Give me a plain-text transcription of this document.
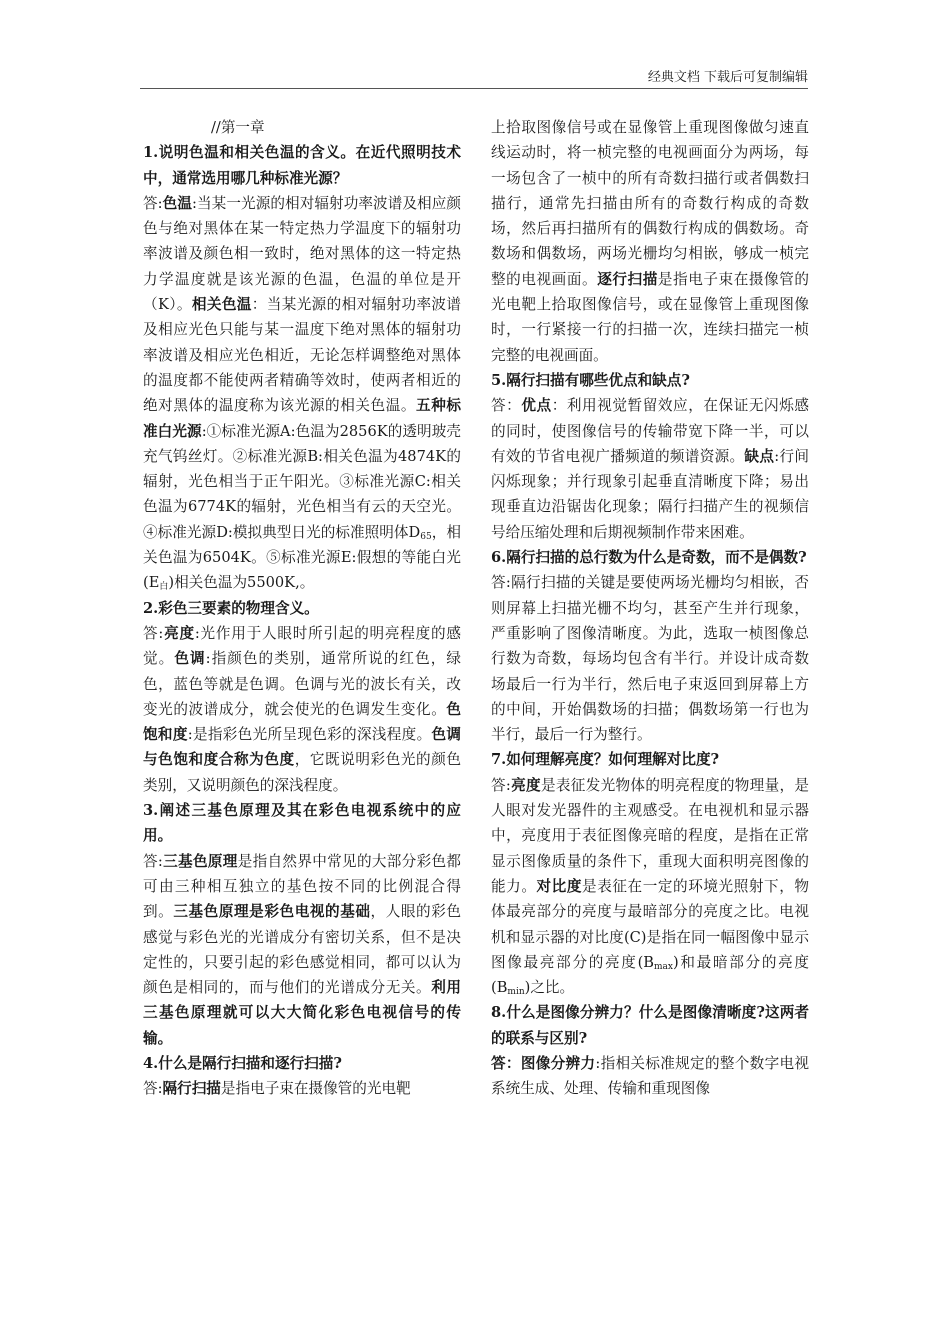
经典文档 下载后可复制编辑

//第一章

1.说明色温和相关色温的含义。在近代照明技术中，通常选用哪几种标准光源？

答:色温:当某一光源的相对辐射功率波谱及相应颜色与绝对黑体在某一特定热力学温度下的辐射功率波谱及颜色相一致时，绝对黑体的这一特定热力学温度就是该光源的色温，色温的单位是开（K）。相关色温：当某光源的相对辐射功率波谱及相应光色只能与某一温度下绝对黑体的辐射功率波谱及相应光色相近，无论怎样调整绝对黑体的温度都不能使两者精确等效时，使两者相近的绝对黑体的温度称为该光源的相关色温。五种标准白光源:①标准光源A:色温为2856K的透明玻壳充气钨丝灯。②标准光源B:相关色温为4874K的辐射，光色相当于正午阳光。③标准光源C:相关色温为6774K的辐射，光色相当有云的天空光。④标准光源D:模拟典型日光的标准照明体$D_{65}$，相关色温为6504K。⑤标准光源E:假想的等能白光$(E_白)$相关色温为5500K,。

2.彩色三要素的物理含义。

答:亮度:光作用于人眼时所引起的明亮程度的感觉。色调:指颜色的类别，通常所说的红色，绿色，蓝色等就是色调。色调与光的波长有关，改变光的波谱成分，就会使光的色调发生变化。色饱和度:是指彩色光所呈现色彩的深浅程度。色调与色饱和度合称为色度，它既说明彩色光的颜色类别，又说明颜色的深浅程度。

3.阐述三基色原理及其在彩色电视系统中的应用。

答:三基色原理是指自然界中常见的大部分彩色都可由三种相互独立的基色按不同的比例混合得到。三基色原理是彩色电视的基础，人眼的彩色感觉与彩色光的光谱成分有密切关系，但不是决定性的，只要引起的彩色感觉相同，都可以认为颜色是相同的，而与他们的光谱成分无关。利用三基色原理就可以大大简化彩色电视信号的传输。

4.什么是隔行扫描和逐行扫描?

答:隔行扫描是指电子束在摄像管的光电靶

上拾取图像信号或在显像管上重现图像做匀速直线运动时，将一桢完整的电视画面分为两场，每一场包含了一桢中的所有奇数扫描行或者偶数扫描行，通常先扫描由所有的奇数行构成的奇数场，然后再扫描所有的偶数行构成的偶数场。奇数场和偶数场，两场光栅均匀相嵌，够成一桢完整的电视画面。逐行扫描是指电子束在摄像管的光电靶上拾取图像信号，或在显像管上重现图像时，一行紧接一行的扫描一次，连续扫描完一桢完整的电视画面。

5.隔行扫描有哪些优点和缺点?

答：优点：利用视觉暂留效应，在保证无闪烁感的同时，使图像信号的传输带宽下降一半，可以有效的节省电视广播频道的频谱资源。缺点:行间闪烁现象；并行现象引起垂直清晰度下降；易出现垂直边沿锯齿化现象；隔行扫描产生的视频信号给压缩处理和后期视频制作带来困难。

6.隔行扫描的总行数为什么是奇数，而不是偶数?

答:隔行扫描的关键是要使两场光栅均匀相嵌，否则屏幕上扫描光栅不均匀，甚至产生并行现象，严重影响了图像清晰度。为此，选取一桢图像总行数为奇数，每场均包含有半行。并设计成奇数场最后一行为半行，然后电子束返回到屏幕上方的中间，开始偶数场的扫描；偶数场第一行也为半行，最后一行为整行。

7.如何理解亮度？如何理解对比度?

答:亮度是表征发光物体的明亮程度的物理量，是人眼对发光器件的主观感受。在电视机和显示器中，亮度用于表征图像亮暗的程度，是指在正常显示图像质量的条件下，重现大面积明亮图像的能力。对比度是表征在一定的环境光照射下，物体最亮部分的亮度与最暗部分的亮度之比。电视机和显示器的对比度(C)是指在同一幅图像中显示图像最亮部分的亮度$(B_{max})$和最暗部分的亮度$(B_{min})$之比。

8.什么是图像分辨力？什么是图像清晰度?这两者的联系与区别?

答：图像分辨力:指相关标准规定的整个数字电视系统生成、处理、传输和重现图像
